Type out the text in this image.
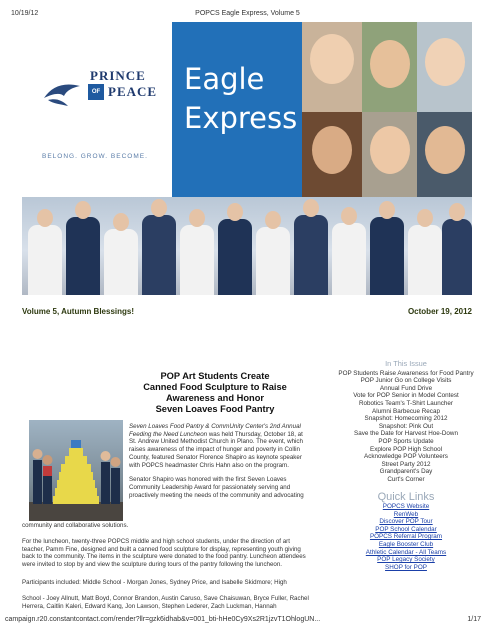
10/19/12	POPCS Eagle Express, Volume 5
PRINCE
OF PEACE
BELONG. GROW. BECOME.
Eagle
Express
Volume 5, Autumn Blessings!	October 19, 2012
POP Art Students Create
Canned Food Sculpture to Raise
Awareness and Honor
Seven Loaves Food Pantry

Seven Loaves Food Pantry & CommUnity Center's 2nd Annual Feeding the Need Luncheon was held Thursday, October 18, at St. Andrew United Methodist Church in Plano. The event, which raises awareness of the impact of hunger and poverty in Collin County, featured Senator Florence Shapiro as keynote speaker with POPCS headmaster Chris Hahn also on the program.

Senator Shapiro was honored with the first Seven Loaves Community Leadership Award for passionately serving and proactively meeting the needs of the community and advocating

community and collaborative solutions.
For the luncheon, twenty-three POPCS middle and high school students, under the direction of art teacher, Pamm Fine, designed and built a canned food sculpture for display, representing youth giving back to the community. The items in the sculpture were donated to the food pantry. Luncheon attendees were invited to stop by and view the sculpture during tours of the pantry following the luncheon.
Participants included: Middle School - Morgan Jones, Sydney Price, and Isabelle Skidmore; High
School - Joey Allnutt, Matt Boyd, Connor Brandon, Austin Caruso, Save Chaisuwan, Bryce Fuller, Rachel Herrera, Caitlin Kaleri, Edward Kang, Jon Lawson, Stephen Lederer, Zach Luckman, Hannah
In This Issue
POP Students Raise Awareness for Food Pantry
POP Junior Go on College Visits
Annual Fund Drive
Vote for POP Senior in Model Contest
Robotics Team's T-Shirt Launcher
Alumni Barbecue Recap
Snapshot: Homecoming 2012
Snapshot: Pink Out
Save the Date for Harvest Hoe-Down
POP Sports Update
Explore POP High School
Acknowledge POP Volunteers
Street Party 2012
Grandparent's Day
Curt's Corner
Quick Links
POPCS Website
RenWeb
Discover POP Tour
POP School Calendar
POPCS Referral Program
Eagle Booster Club
Athletic Calendar - All Teams
POP Legacy Society
SHOP for POP
campaign.r20.constantcontact.com/render?llr=gzk6idhab&v=001_bti-hHe0Cy9Xs2R1jzvT1OhlogUN...	1/17
